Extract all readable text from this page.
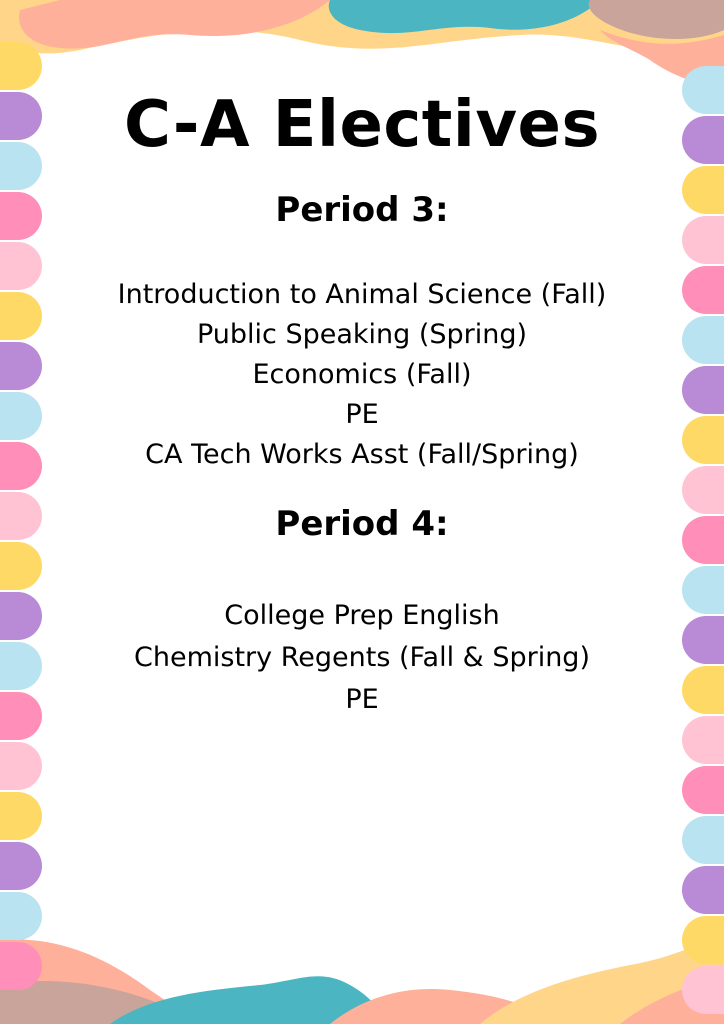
C-A Electives
Period 3:
Introduction to Animal Science (Fall)
Public Speaking (Spring)
Economics (Fall)
PE
CA Tech Works Asst (Fall/Spring)
Period 4:
College Prep English
Chemistry Regents (Fall & Spring)
PE
